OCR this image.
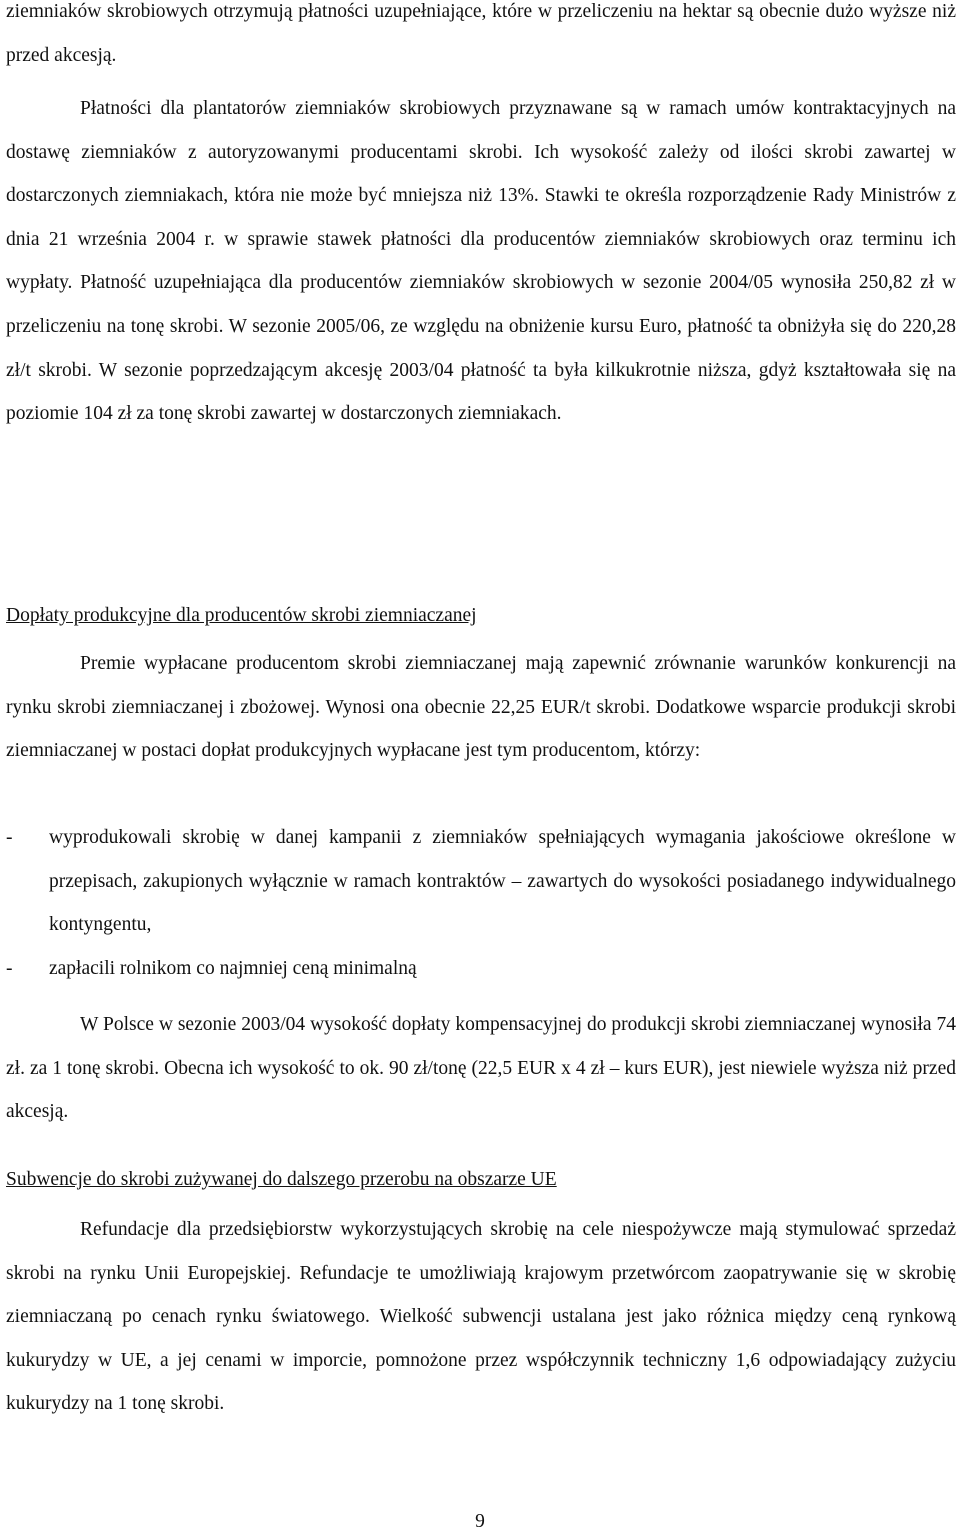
ziemniaków skrobiowych otrzymują płatności uzupełniające, które w przeliczeniu na hektar są obecnie dużo wyższe niż przed akcesją.

Płatności dla plantatorów ziemniaków skrobiowych przyznawane są w ramach umów kontraktacyjnych na dostawę ziemniaków z autoryzowanymi producentami skrobi. Ich wysokość zależy od ilości skrobi zawartej w dostarczonych ziemniakach, która nie może być mniejsza niż 13%. Stawki te określa rozporządzenie Rady Ministrów z dnia 21 września 2004 r. w sprawie stawek płatności dla producentów ziemniaków skrobiowych oraz terminu ich wypłaty. Płatność uzupełniająca dla producentów ziemniaków skrobiowych w sezonie 2004/05 wynosiła 250,82 zł w przeliczeniu na tonę skrobi. W sezonie 2005/06, ze względu na obniżenie kursu Euro, płatność ta obniżyła się do 220,28 zł/t skrobi. W sezonie poprzedzającym akcesję 2003/04 płatność ta była kilkukrotnie niższa, gdyż kształtowała się na poziomie 104 zł za tonę skrobi zawartej w dostarczonych ziemniakach.

Dopłaty produkcyjne dla producentów skrobi ziemniaczanej

Premie wypłacane producentom skrobi ziemniaczanej mają zapewnić zrównanie warunków konkurencji na rynku skrobi ziemniaczanej i zbożowej. Wynosi ona obecnie 22,25 EUR/t skrobi. Dodatkowe wsparcie produkcji skrobi ziemniaczanej w postaci dopłat produkcyjnych wypłacane jest tym producentom, którzy:

- wyprodukowali skrobię w danej kampanii z ziemniaków spełniających wymagania jakościowe określone w przepisach, zakupionych wyłącznie w ramach kontraktów – zawartych do wysokości posiadanego indywidualnego kontyngentu,
- zapłacili rolnikom co najmniej ceną minimalną

W Polsce w sezonie 2003/04 wysokość dopłaty kompensacyjnej do produkcji skrobi ziemniaczanej wynosiła 74 zł. za 1 tonę skrobi. Obecna ich wysokość to ok. 90 zł/tonę (22,5 EUR x 4 zł – kurs EUR), jest niewiele wyższa niż przed akcesją.

Subwencje do skrobi zużywanej do dalszego przerobu na obszarze UE

Refundacje dla przedsiębiorstw wykorzystujących skrobię na cele niespożywcze mają stymulować sprzedaż skrobi na rynku Unii Europejskiej. Refundacje te umożliwiają krajowym przetwórcom zaopatrywanie się w skrobię ziemniaczaną po cenach rynku światowego. Wielkość subwencji ustalana jest jako różnica między ceną rynkową kukurydzy w UE, a jej cenami w imporcie, pomnożone przez współczynnik techniczny 1,6 odpowiadający zużyciu kukurydzy na 1 tonę skrobi.

9
